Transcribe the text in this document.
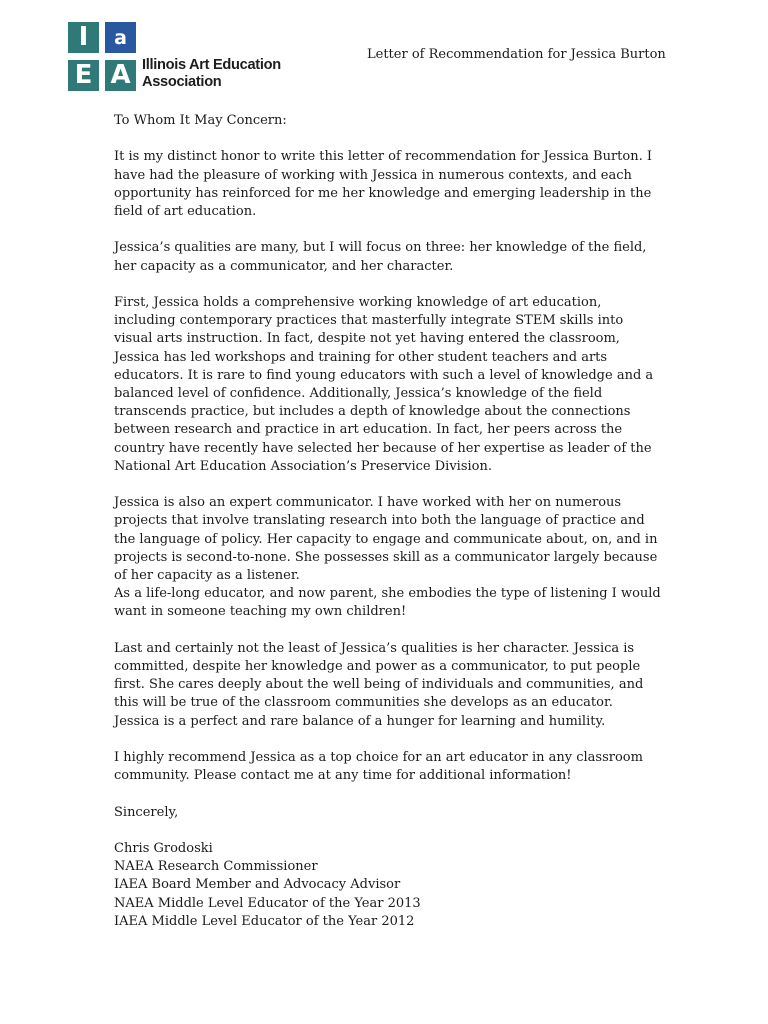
I	a
E A Illinois Art Education
Association
Letter of Recommendation for Jessica Burton

To Whom It May Concern:

It is my distinct honor to write this letter of recommendation for Jessica Burton. I have had the pleasure of working with Jessica in numerous contexts, and each opportunity has reinforced for me her knowledge and emerging leadership in the field of art education.

Jessica’s qualities are many, but I will focus on three: her knowledge of the field, her capacity as a communicator, and her character.

First, Jessica holds a comprehensive working knowledge of art education, including contemporary practices that masterfully integrate STEM skills into visual arts instruction. In fact, despite not yet having entered the classroom, Jessica has led workshops and training for other student teachers and arts educators. It is rare to find young educators with such a level of knowledge and a balanced level of confidence. Additionally, Jessica’s knowledge of the field transcends practice, but includes a depth of knowledge about the connections between research and practice in art education. In fact, her peers across the country have recently have selected her because of her expertise as leader of the National Art Education Association’s Preservice Division.

Jessica is also an expert communicator. I have worked with her on numerous projects that involve translating research into both the language of practice and the language of policy. Her capacity to engage and communicate about, on, and in projects is second-to-none. She possesses skill as a communicator largely because of her capacity as a listener.

As a life-long educator, and now parent, she embodies the type of listening I would want in someone teaching my own children!

Last and certainly not the least of Jessica’s qualities is her character. Jessica is committed, despite her knowledge and power as a communicator, to put people first. She cares deeply about the well being of individuals and communities, and this will be true of the classroom communities she develops as an educator. Jessica is a perfect and rare balance of a hunger for learning and humility.

I highly recommend Jessica as a top choice for an art educator in any classroom community. Please contact me at any time for additional information!

Sincerely,

Chris Grodoski
NAEA Research Commissioner
IAEA Board Member and Advocacy Advisor
NAEA Middle Level Educator of the Year 2013
IAEA Middle Level Educator of the Year 2012
